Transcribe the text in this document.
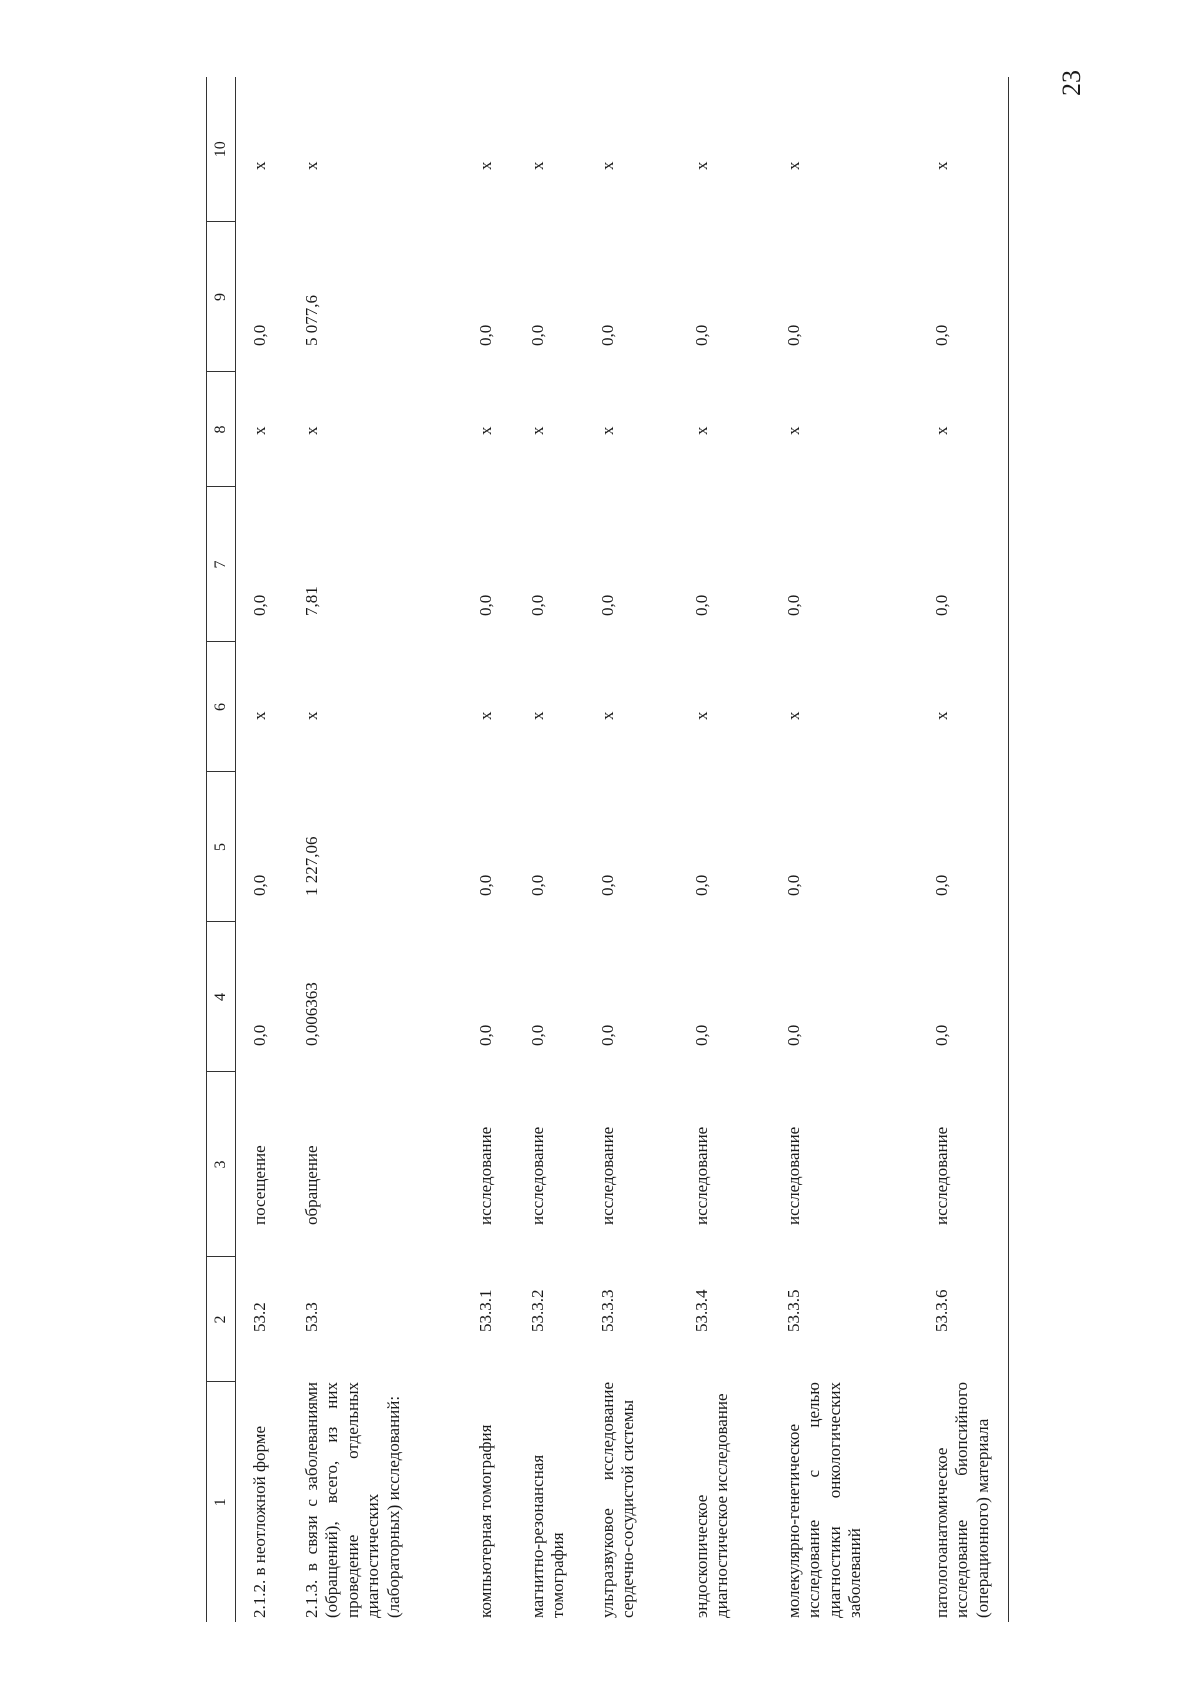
23
1	2	3	4	5	6	7	8	9	10
2.1.2. в неотложной форме	53.2	посещение	0,0	0,0	x	0,0	x	0,0	x
2.1.3. в связи с заболеваниями (обращений), всего, из них проведение отдельных диагностических (лабораторных) исследований:	53.3	обращение	0,006363	1 227,06	x	7,81	x	5 077,6	x
компьютерная томография	53.3.1	исследование	0,0	0,0	x	0,0	x	0,0	x
магнитно-резонансная томография	53.3.2	исследование	0,0	0,0	x	0,0	x	0,0	x
ультразвуковое исследование сердечно-сосудистой системы	53.3.3	исследование	0,0	0,0	x	0,0	x	0,0	x
эндоскопическое диагностическое исследование	53.3.4	исследование	0,0	0,0	x	0,0	x	0,0	x
молекулярно-генетическое исследование с целью диагностики онкологических заболеваний	53.3.5	исследование	0,0	0,0	x	0,0	x	0,0	x
патологоанатомическое исследование биопсийного (операционного) материала	53.3.6	исследование	0,0	0,0	x	0,0	x	0,0	x
